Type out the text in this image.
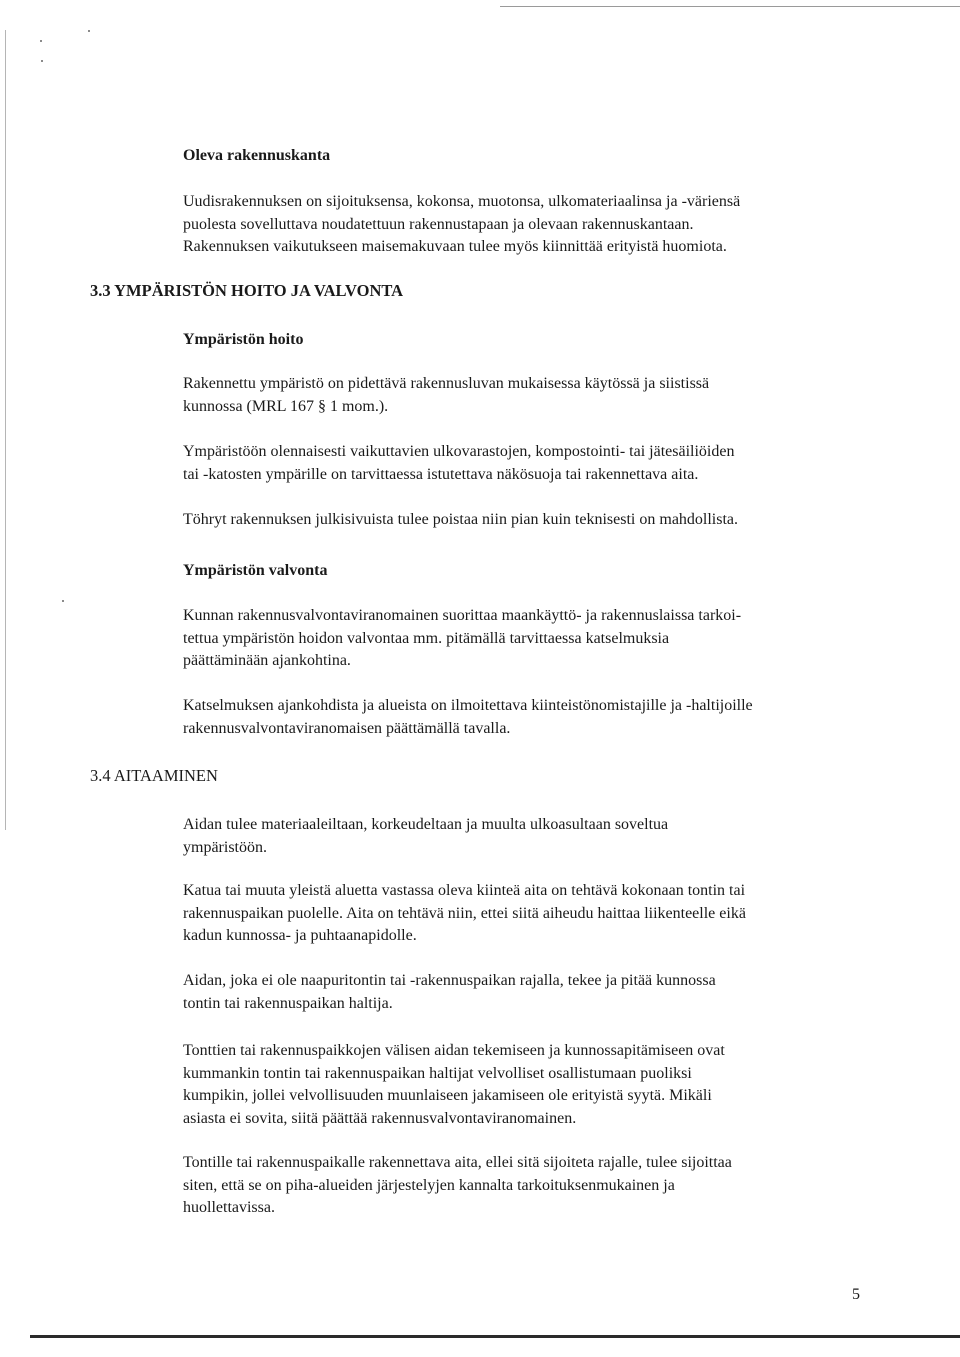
Oleva rakennuskanta
Uudisrakennuksen on sijoituksensa, kokonsa, muotonsa, ulkomateriaalinsa ja -väriensä
puolesta sovelluttava noudatettuun rakennustapaan ja olevaan rakennuskantaan.
Rakennuksen vaikutukseen maisemakuvaan tulee myös kiinnittää erityistä huomiota.
3.3 YMPÄRISTÖN HOITO JA VALVONTA
Ympäristön hoito
Rakennettu ympäristö on pidettävä rakennusluvan mukaisessa käytössä ja siistissä
kunnossa (MRL 167 § 1 mom.).
Ympäristöön olennaisesti vaikuttavien ulkovarastojen, kompostointi- tai jätesäiliöiden
tai -katosten ympärille on tarvittaessa istutettava näkösuoja tai rakennettava aita.
Töhryt rakennuksen julkisivuista tulee poistaa niin pian kuin teknisesti on mahdollista.
Ympäristön valvonta
Kunnan rakennusvalvontaviranomainen suorittaa maankäyttö- ja rakennuslaissa tarkoi-
tettua ympäristön hoidon valvontaa mm. pitämällä tarvittaessa katselmuksia
päättäminään ajankohtina.
Katselmuksen ajankohdista ja alueista on ilmoitettava kiinteistönomistajille ja -haltijoille
rakennusvalvontaviranomaisen päättämällä tavalla.
3.4 AITAAMINEN
Aidan tulee materiaaleiltaan, korkeudeltaan ja muulta ulkoasultaan soveltua
ympäristöön.
Katua tai muuta yleistä aluetta vastassa oleva kiinteä aita on tehtävä kokonaan tontin tai
rakennuspaikan puolelle. Aita on tehtävä niin, ettei siitä aiheudu haittaa liikenteelle eikä
kadun kunnossa- ja puhtaanapidolle.
Aidan, joka ei ole naapuritontin tai -rakennuspaikan rajalla, tekee ja pitää kunnossa
tontin tai rakennuspaikan haltija.
Tonttien tai rakennuspaikkojen välisen aidan tekemiseen ja kunnossapitämiseen ovat
kummankin tontin tai rakennuspaikan haltijat velvolliset osallistumaan puoliksi
kumpikin, jollei velvollisuuden muunlaiseen jakamiseen ole erityistä syytä. Mikäli
asiasta ei sovita, siitä päättää rakennusvalvontaviranomainen.
Tontille tai rakennuspaikalle rakennettava aita, ellei sitä sijoiteta rajalle, tulee sijoittaa
siten, että se on piha-alueiden järjestelyjen kannalta tarkoituksenmukainen ja
huollettavissa.
5
